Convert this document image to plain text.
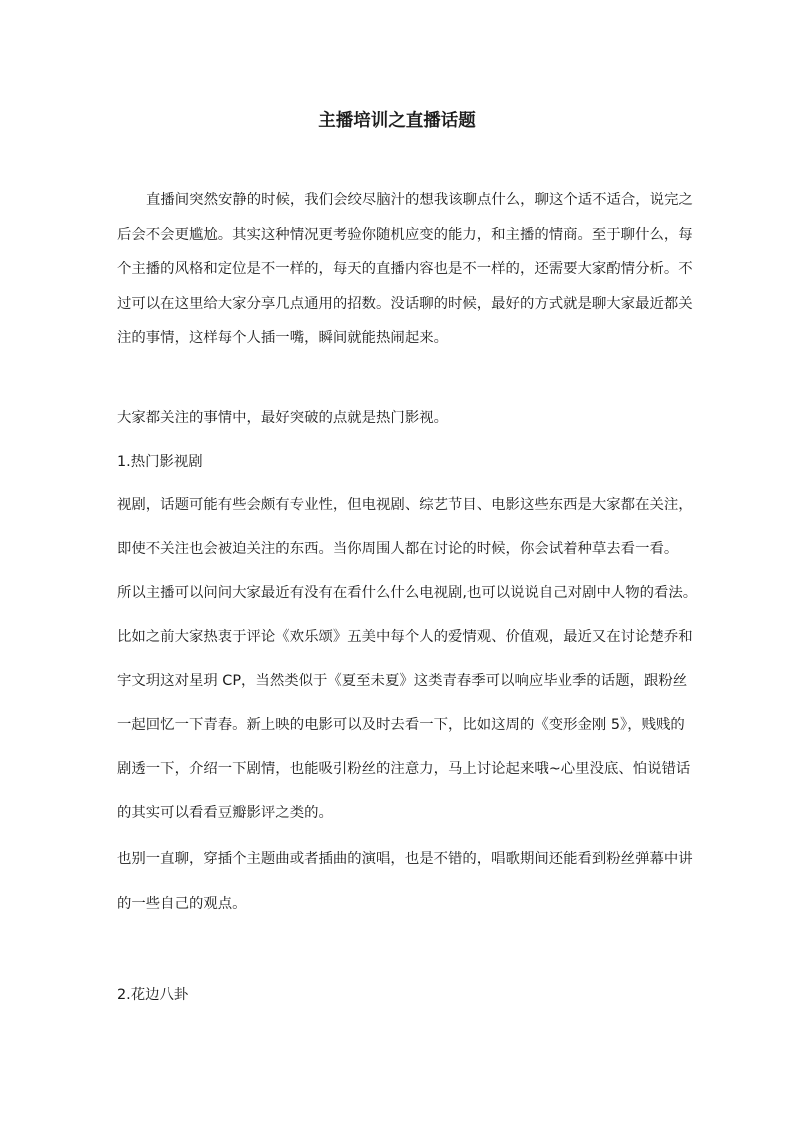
主播培训之直播话题
直播间突然安静的时候，我们会绞尽脑汁的想我该聊点什么，聊这个适不适合，说完之
后会不会更尴尬。其实这种情况更考验你随机应变的能力，和主播的情商。至于聊什么，每
个主播的风格和定位是不一样的，每天的直播内容也是不一样的，还需要大家酌情分析。不
过可以在这里给大家分享几点通用的招数。没话聊的时候，最好的方式就是聊大家最近都关
注的事情，这样每个人插一嘴，瞬间就能热闹起来。
大家都关注的事情中，最好突破的点就是热门影视。
1.热门影视剧
视剧，话题可能有些会颇有专业性，但电视剧、综艺节目、电影这些东西是大家都在关注，
即使不关注也会被迫关注的东西。当你周围人都在讨论的时候，你会试着种草去看一看。
所以主播可以问问大家最近有没有在看什么什么电视剧,也可以说说自己对剧中人物的看法。
比如之前大家热衷于评论《欢乐颂》五美中每个人的爱情观、价值观，最近又在讨论楚乔和
宇文玥这对星玥 CP，当然类似于《夏至未夏》这类青春季可以响应毕业季的话题，跟粉丝
一起回忆一下青春。新上映的电影可以及时去看一下，比如这周的《变形金刚 5》，贱贱的
剧透一下，介绍一下剧情，也能吸引粉丝的注意力，马上讨论起来哦~心里没底、怕说错话
的其实可以看看豆瓣影评之类的。
也别一直聊，穿插个主题曲或者插曲的演唱，也是不错的，唱歌期间还能看到粉丝弹幕中讲
的一些自己的观点。
2.花边八卦
